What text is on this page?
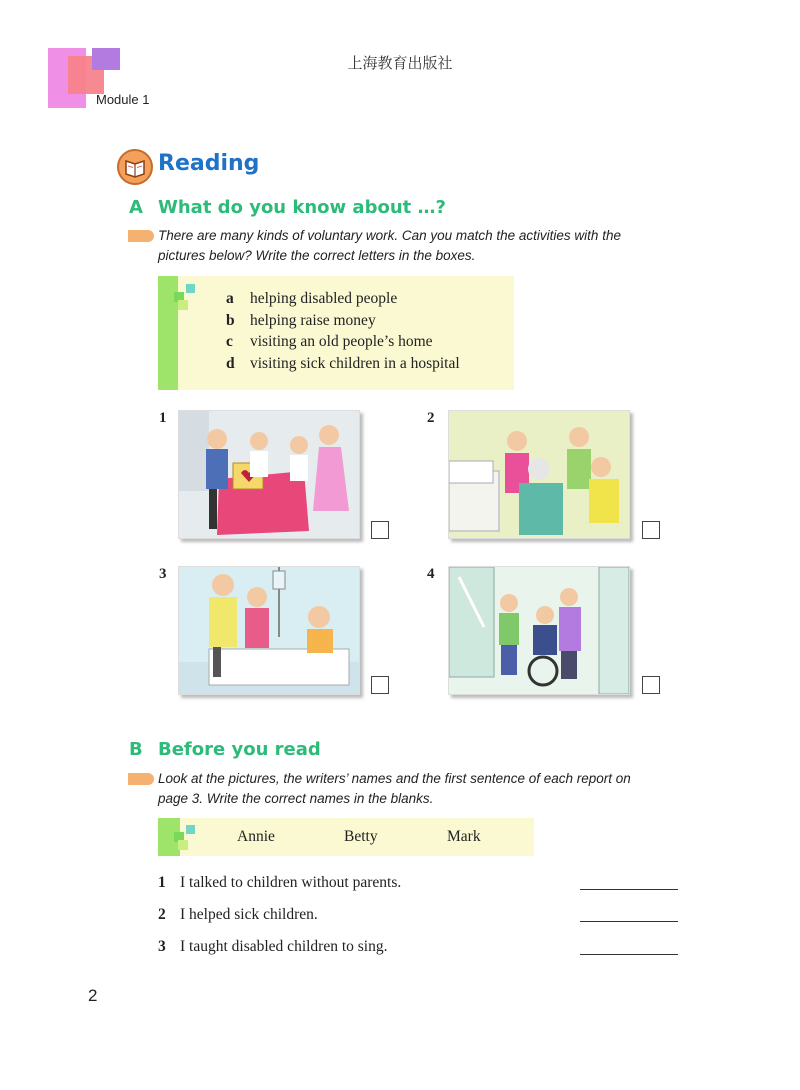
上海教育出版社
Module 1
Reading
A What do you know about …?
There are many kinds of voluntary work. Can you match the activities with the
pictures below? Write the correct letters in the boxes.
a helping disabled people
b helping raise money
c visiting an old people’s home
d visiting sick children in a hospital
1	2
3	4
B Before you read
Look at the pictures, the writers’ names and the first sentence of each report on
page 3. Write the correct names in the blanks.
Annie	Betty	Mark
1 I talked to children without parents.
2 I helped sick children.
3 I taught disabled children to sing.
2
